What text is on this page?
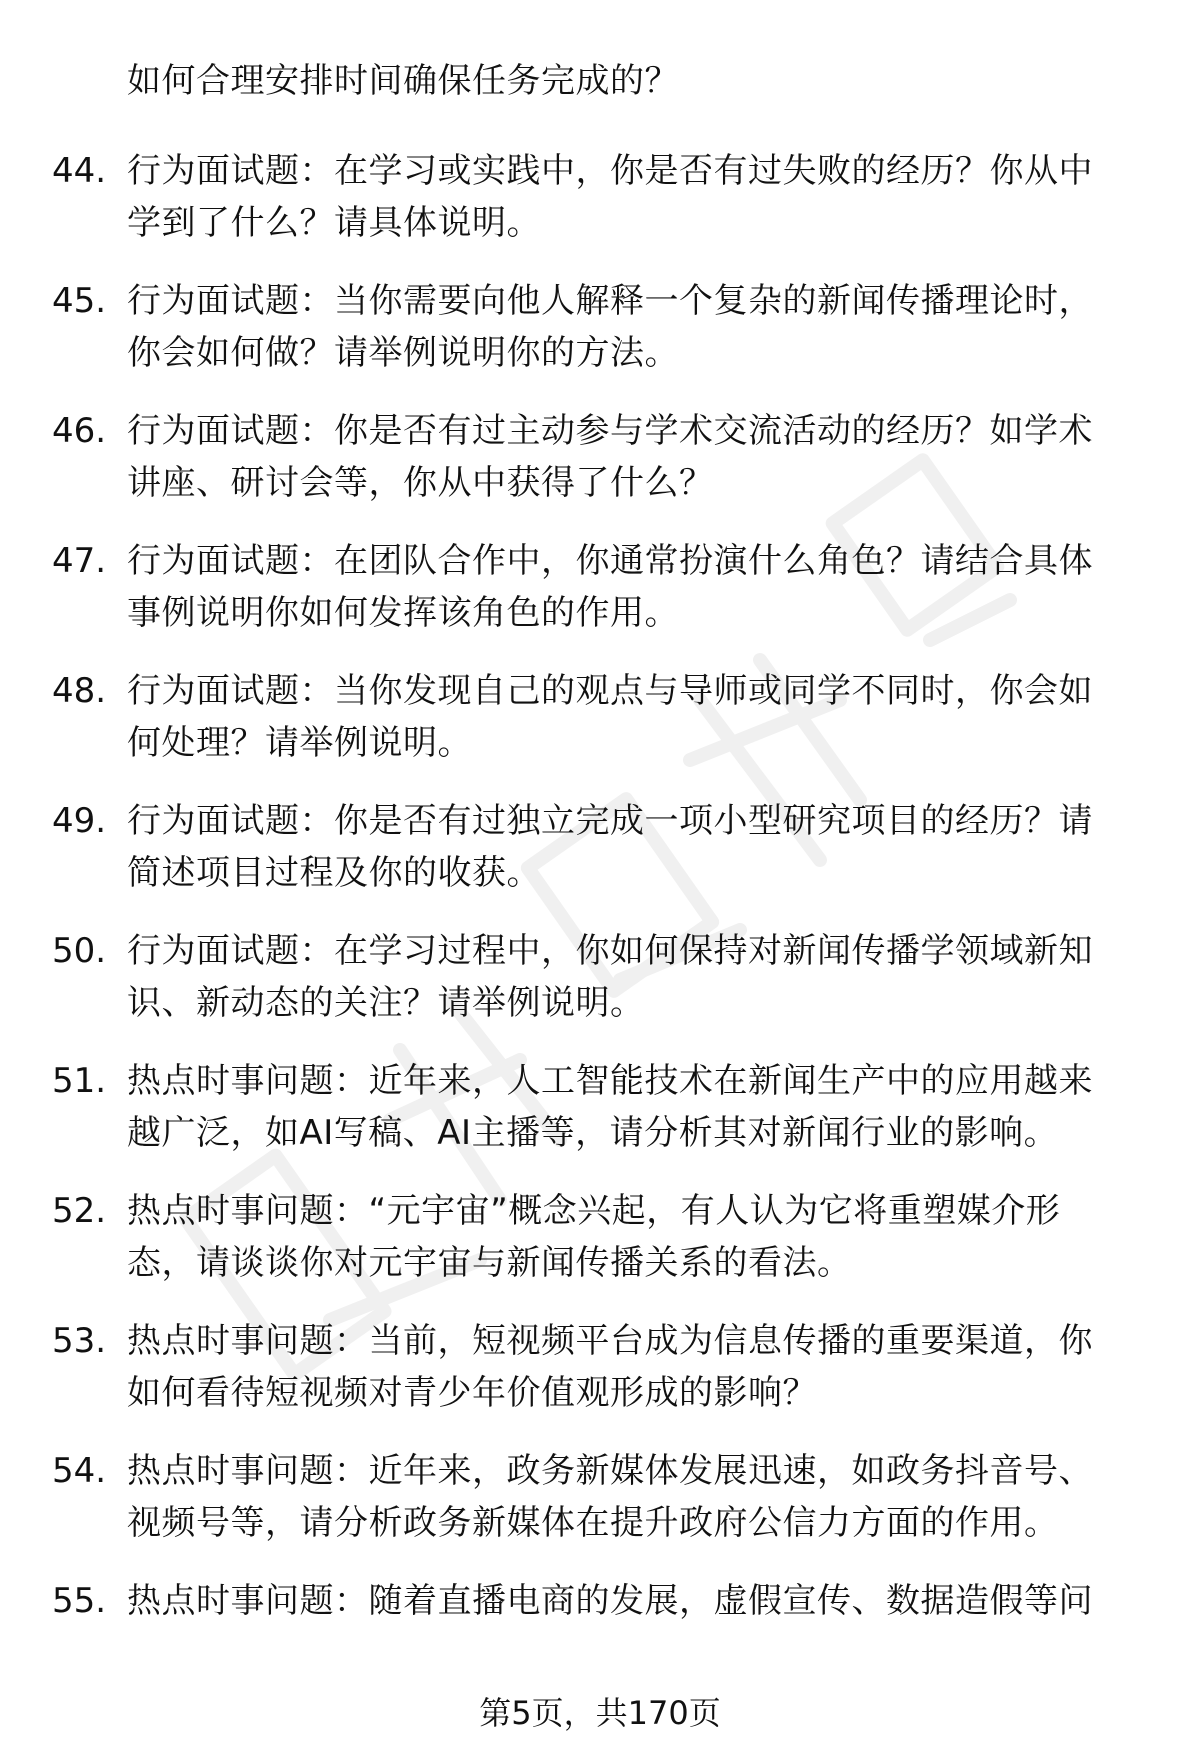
如何合理安排时间确保任务完成的？
44. 行为面试题：在学习或实践中，你是否有过失败的经历？你从中
学到了什么？请具体说明。
45. 行为面试题：当你需要向他人解释一个复杂的新闻传播理论时，
你会如何做？请举例说明你的方法。
46. 行为面试题：你是否有过主动参与学术交流活动的经历？如学术
讲座、研讨会等，你从中获得了什么？
47. 行为面试题：在团队合作中，你通常扮演什么角色？请结合具体
事例说明你如何发挥该角色的作用。
48. 行为面试题：当你发现自己的观点与导师或同学不同时，你会如
何处理？请举例说明。
49. 行为面试题：你是否有过独立完成一项小型研究项目的经历？请
简述项目过程及你的收获。
50. 行为面试题：在学习过程中，你如何保持对新闻传播学领域新知
识、新动态的关注？请举例说明。
51. 热点时事问题：近年来，人工智能技术在新闻生产中的应用越来
越广泛，如AI写稿、AI主播等，请分析其对新闻行业的影响。
52. 热点时事问题：“元宇宙”概念兴起，有人认为它将重塑媒介形
态，请谈谈你对元宇宙与新闻传播关系的看法。
53. 热点时事问题：当前，短视频平台成为信息传播的重要渠道，你
如何看待短视频对青少年价值观形成的影响？
54. 热点时事问题：近年来，政务新媒体发展迅速，如政务抖音号、
视频号等，请分析政务新媒体在提升政府公信力方面的作用。
55. 热点时事问题：随着直播电商的发展，虚假宣传、数据造假等问
第5页，共170页
